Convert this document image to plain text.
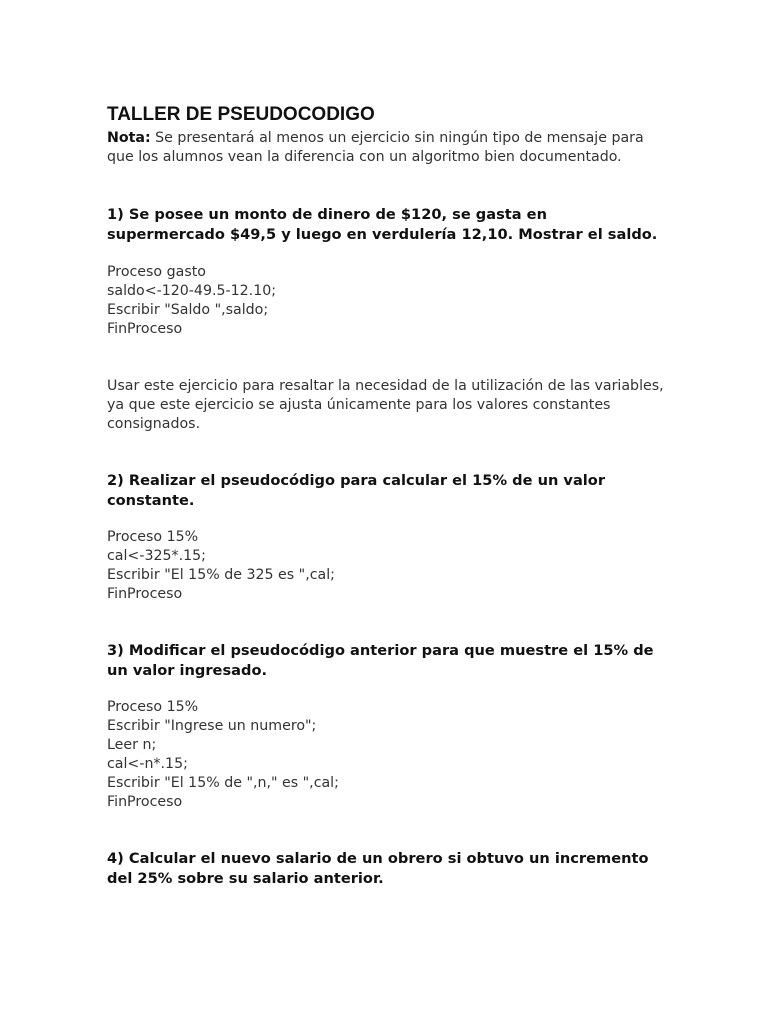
TALLER DE PSEUDOCODIGO

Nota: Se presentará al menos un ejercicio sin ningún tipo de mensaje para que los alumnos vean la diferencia con un algoritmo bien documentado.

1) Se posee un monto de dinero de $120, se gasta en supermercado $49,5 y luego en verdulería 12,10. Mostrar el saldo.

Proceso gasto
saldo<-120-49.5-12.10;
Escribir "Saldo ",saldo;
FinProceso

Usar este ejercicio para resaltar la necesidad de la utilización de las variables, ya que este ejercicio se ajusta únicamente para los valores constantes consignados.

2) Realizar el pseudocódigo para calcular el 15% de un valor constante.

Proceso 15%
cal<-325*.15;
Escribir "El 15% de 325 es ",cal;
FinProceso

3) Modificar el pseudocódigo anterior para que muestre el 15% de un valor ingresado.

Proceso 15%
Escribir "Ingrese un numero";
Leer n;
cal<-n*.15;
Escribir "El 15% de ",n," es ",cal;
FinProceso

4) Calcular el nuevo salario de un obrero si obtuvo un incremento del 25% sobre su salario anterior.
